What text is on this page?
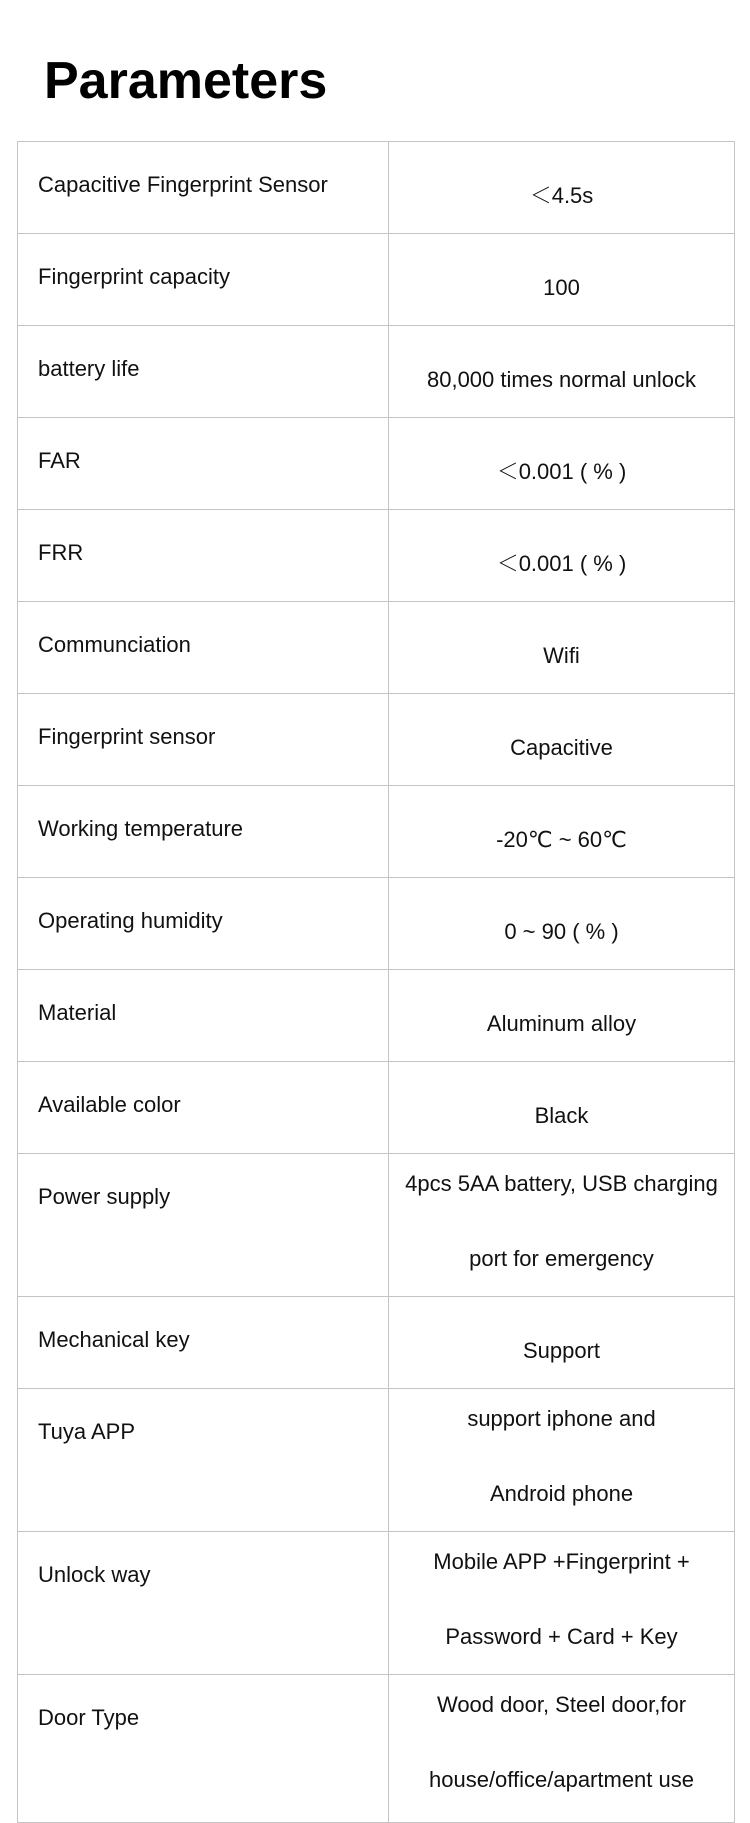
Parameters
Capacitive Fingerprint Sensor	＜4.5s
Fingerprint capacity	100
battery life	80,000 times normal unlock
FAR	＜0.001 ( % )
FRR	＜0.001 ( % )
Communciation	Wifi
Fingerprint sensor	Capacitive
Working temperature	-20℃ ~ 60℃
Operating humidity	0 ~ 90 ( % )
Material	Aluminum alloy
Available color	Black
Power supply	4pcs 5AA battery, USB charging
port for emergency

Mechanical key	Support
Tuya APP	support iphone and
Android phone

Unlock way	Mobile APP +Fingerprint +
Password + Card + Key

Door Type	Wood door, Steel door,for
house/office/apartment use
